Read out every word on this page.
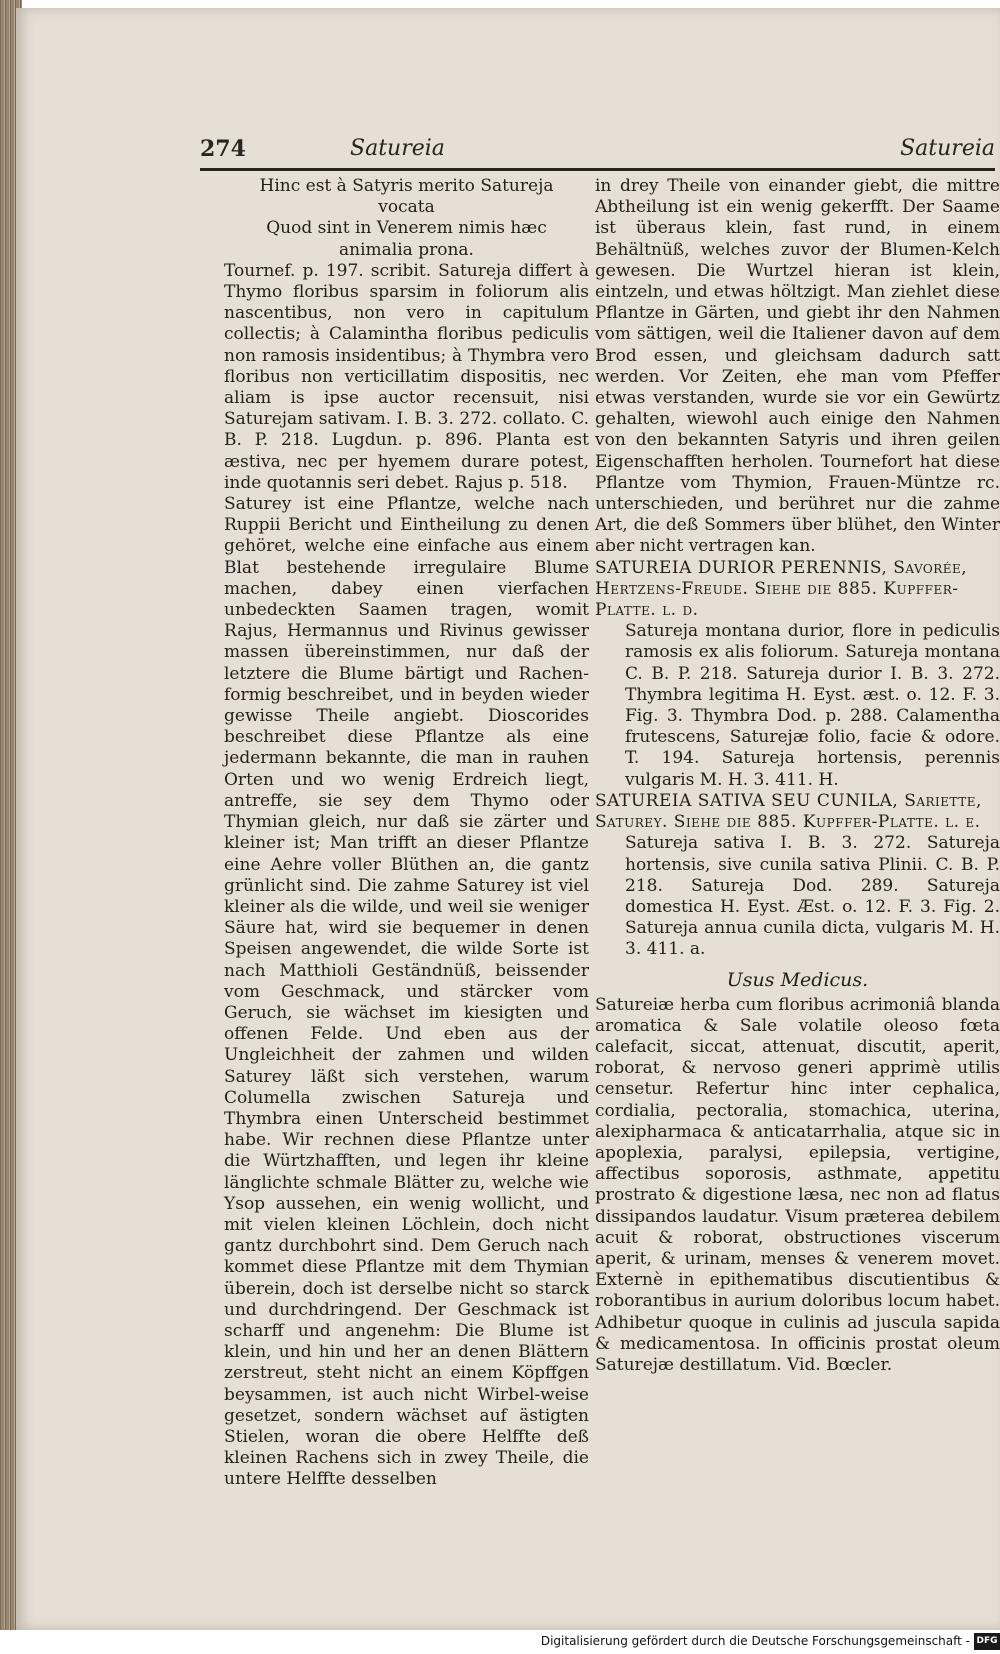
274	Satureia	Satureia

Hinc est à Satyris merito Satureja

vocata

Quod sint in Venerem nimis hæc

animalia prona.

Tournef. p. 197. scribit. Satureja differt à Thymo floribus sparsim in foliorum alis nascentibus, non vero in capitulum collectis; à Calamintha floribus pediculis non ramosis insidentibus; à Thymbra vero floribus non verticillatim dispositis, nec aliam is ipse auctor recensuit, nisi Saturejam sativam. I. B. 3. 272. collato. C. B. P. 218. Lugdun. p. 896. Planta est æstiva, nec per hyemem durare potest, inde quotannis seri debet. Rajus p. 518.

Saturey ist eine Pflantze, welche nach Ruppii Bericht und Eintheilung zu denen gehöret, welche eine einfache aus einem Blat bestehende irregulaire Blume machen, dabey einen vierfachen unbedeckten Saamen tragen, womit Rajus, Hermannus und Rivinus gewisser massen übereinstimmen, nur daß der letztere die Blume bärtigt und Rachen-formig beschreibet, und in beyden wieder gewisse Theile angiebt. Dioscorides beschreibet diese Pflantze als eine jedermann bekannte, die man in rauhen Orten und wo wenig Erdreich liegt, antreffe, sie sey dem Thymo oder Thymian gleich, nur daß sie zärter und kleiner ist; Man trifft an dieser Pflantze eine Aehre voller Blüthen an, die gantz grünlicht sind. Die zahme Saturey ist viel kleiner als die wilde, und weil sie weniger Säure hat, wird sie bequemer in denen Speisen angewendet, die wilde Sorte ist nach Matthioli Geständnüß, beissender vom Geschmack, und stärcker vom Geruch, sie wächset im kiesigten und offenen Felde. Und eben aus der Ungleichheit der zahmen und wilden Saturey läßt sich verstehen, warum Columella zwischen Satureja und Thymbra einen Unterscheid bestimmet habe. Wir rechnen diese Pflantze unter die Würtzhafften, und legen ihr kleine länglichte schmale Blätter zu, welche wie Ysop aussehen, ein wenig wollicht, und mit vielen kleinen Löchlein, doch nicht gantz durchbohrt sind. Dem Geruch nach kommet diese Pflantze mit dem Thymian überein, doch ist derselbe nicht so starck und durchdringend. Der Geschmack ist scharff und angenehm: Die Blume ist klein, und hin und her an denen Blättern zerstreut, steht nicht an einem Köpffgen beysammen, ist auch nicht Wirbel-weise gesetzet, sondern wächset auf ästigten Stielen, woran die obere Helffte deß kleinen Rachens sich in zwey Theile, die untere Helffte desselben

in drey Theile von einander giebt, die mittre Abtheilung ist ein wenig gekerfft. Der Saame ist überaus klein, fast rund, in einem Behältnüß, welches zuvor der Blumen-Kelch gewesen. Die Wurtzel hieran ist klein, eintzeln, und etwas höltzigt. Man ziehlet diese Pflantze in Gärten, und giebt ihr den Nahmen vom sättigen, weil die Italiener davon auf dem Brod essen, und gleichsam dadurch satt werden. Vor Zeiten, ehe man vom Pfeffer etwas verstanden, wurde sie vor ein Gewürtz gehalten, wiewohl auch einige den Nahmen von den bekannten Satyris und ihren geilen Eigenschafften herholen. Tournefort hat diese Pflantze vom Thymion, Frauen-Müntze rc. unterschieden, und berühret nur die zahme Art, die deß Sommers über blühet, den Winter aber nicht vertragen kan.

SATUREIA DURIOR PERENNIS, Savorée, Hertzens-Freude. Siehe die 885. Kupffer-Platte. l. d.

Satureja montana durior, flore in pediculis ramosis ex alis foliorum. Satureja montana C. B. P. 218. Satureja durior I. B. 3. 272. Thymbra legitima H. Eyst. æst. o. 12. F. 3. Fig. 3. Thymbra Dod. p. 288. Calamentha frutescens, Saturejæ folio, facie & odore. T. 194. Satureja hortensis, perennis vulgaris M. H. 3. 411. H.

SATUREIA SATIVA SEU CUNILA, Sariette, Saturey. Siehe die 885. Kupffer-Platte. l. e.

Satureja sativa I. B. 3. 272. Satureja hortensis, sive cunila sativa Plinii. C. B. P. 218. Satureja Dod. 289. Satureja domestica H. Eyst. Æst. o. 12. F. 3. Fig. 2. Satureja annua cunila dicta, vulgaris M. H. 3. 411. a.

Usus Medicus.

Satureiæ herba cum floribus acrimoniâ blanda aromatica & Sale volatile oleoso fœta calefacit, siccat, attenuat, discutit, aperit, roborat, & nervoso generi apprimè utilis censetur. Refertur hinc inter cephalica, cordialia, pectoralia, stomachica, uterina, alexipharmaca & anticatarrhalia, atque sic in apoplexia, paralysi, epilepsia, vertigine, affectibus soporosis, asthmate, appetitu prostrato & digestione læsa, nec non ad flatus dissipandos laudatur. Visum præterea debilem acuit & roborat, obstructiones viscerum aperit, & urinam, menses & venerem movet. Externè in epithematibus discutientibus & roborantibus in aurium doloribus locum habet. Adhibetur quoque in culinis ad juscula sapida & medicamentosa. In officinis prostat oleum Saturejæ destillatum. Vid. Bœcler.

Digitalisierung gefördert durch die Deutsche Forschungsgemeinschaft - DFG
